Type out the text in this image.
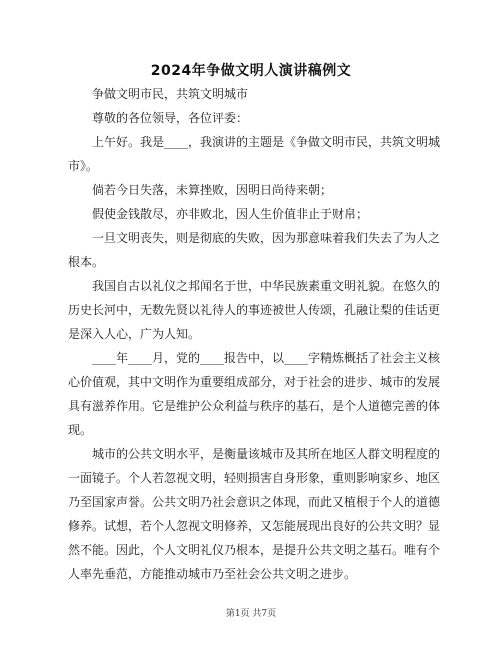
2024年争做文明人演讲稿例文

争做文明市民，共筑文明城市

尊敬的各位领导，各位评委：

上午好。我是____，我演讲的主题是《争做文明市民，共筑文明城市》。

倘若今日失落，未算挫败，因明日尚待来朝；

假使金钱散尽，亦非败北，因人生价值非止于财帛；

一旦文明丧失，则是彻底的失败，因为那意味着我们失去了为人之根本。

我国自古以礼仪之邦闻名于世，中华民族素重文明礼貌。在悠久的历史长河中，无数先贤以礼待人的事迹被世人传颂，孔融让梨的佳话更是深入人心，广为人知。

____年____月，党的____报告中，以____字精炼概括了社会主义核心价值观，其中文明作为重要组成部分，对于社会的进步、城市的发展具有滋养作用。它是维护公众利益与秩序的基石，是个人道德完善的体现。

城市的公共文明水平，是衡量该城市及其所在地区人群文明程度的一面镜子。个人若忽视文明，轻则损害自身形象，重则影响家乡、地区乃至国家声誉。公共文明乃社会意识之体现，而此又植根于个人的道德修养。试想，若个人忽视文明修养，又怎能展现出良好的公共文明？显然不能。因此，个人文明礼仪乃根本，是提升公共文明之基石。唯有个人率先垂范，方能推动城市乃至社会公共文明之进步。

第1页 共7页
